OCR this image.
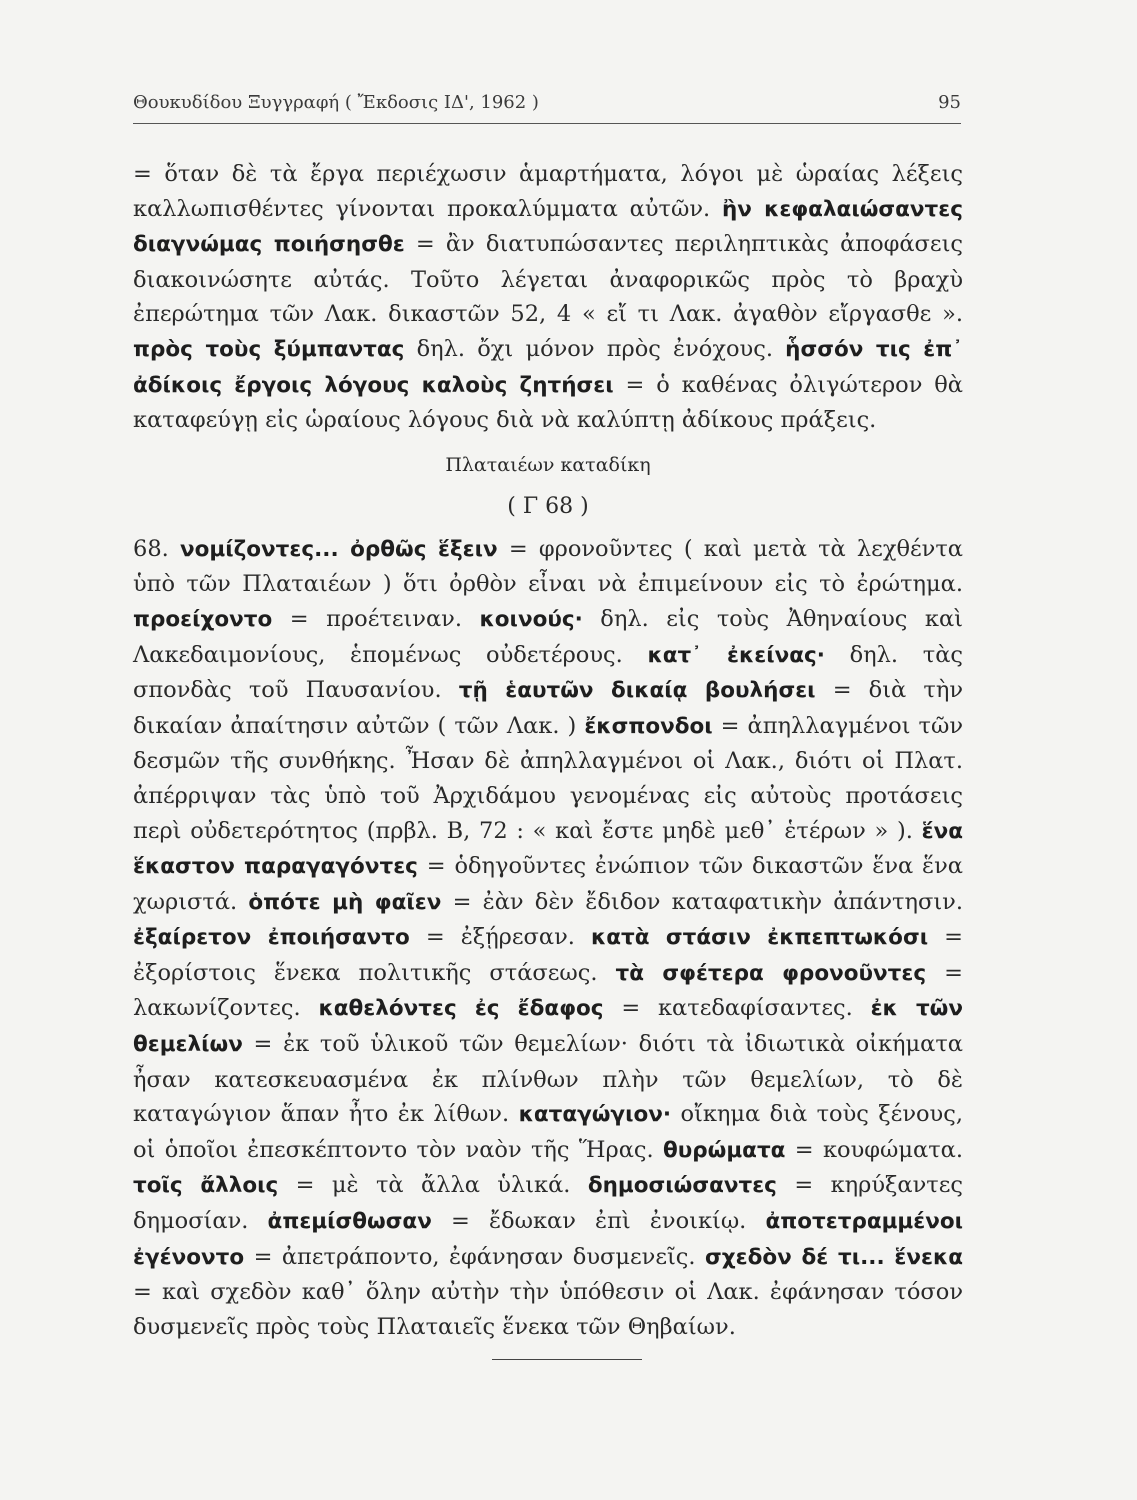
Θουκυδίδου Ξυγγραφή ( Ἔκδοσις ΙΔ', 1962 )	95

= ὅταν δὲ τὰ ἔργα περιέχωσιν ἁμαρτήματα, λόγοι μὲ ὡραίας λέξεις καλλωπισθέντες γίνονται προκαλύμματα αὐτῶν. ἢν κεφαλαιώσαντες διαγνώμας ποιήσησθε = ἂν διατυπώσαντες περιληπτικὰς ἀποφάσεις διακοινώσητε αὐτάς. Τοῦτο λέγεται ἀναφορικῶς πρὸς τὸ βραχὺ ἐπερώτημα τῶν Λακ. δικαστῶν 52, 4 « εἴ τι Λακ. ἀγαθὸν εἴργασθε ». πρὸς τοὺς ξύμπαντας δηλ. ὄχι μόνον πρὸς ἐνόχους. ἧσσόν τις ἐπ᾽ ἀδίκοις ἔργοις λόγους καλοὺς ζητήσει = ὁ καθένας ὀλιγώτερον θὰ καταφεύγῃ εἰς ὡραίους λόγους διὰ νὰ καλύπτῃ ἀδίκους πράξεις.

Πλαταιέων καταδίκη
( Γ 68 )

68. νομίζοντες... ὀρθῶς ἕξειν = φρονοῦντες ( καὶ μετὰ τὰ λεχθέντα ὑπὸ τῶν Πλαταιέων ) ὅτι ὀρθὸν εἶναι νὰ ἐπιμείνουν εἰς τὸ ἐρώτημα. προείχοντο = προέτειναν. κοινούς· δηλ. εἰς τοὺς Ἀθηναίους καὶ Λακεδαιμονίους, ἑπομένως οὐδετέρους. κατ᾽ ἐκείνας· δηλ. τὰς σπονδὰς τοῦ Παυσανίου. τῇ ἑαυτῶν δικαίᾳ βουλήσει = διὰ τὴν δικαίαν ἀπαίτησιν αὐτῶν ( τῶν Λακ. ) ἔκσπονδοι = ἀπηλλαγμένοι τῶν δεσμῶν τῆς συνθήκης. Ἦσαν δὲ ἀπηλλαγμένοι οἱ Λακ., διότι οἱ Πλατ. ἀπέρριψαν τὰς ὑπὸ τοῦ Ἀρχιδάμου γενομένας εἰς αὐτοὺς προτάσεις περὶ οὐδετερότητος (πρβλ. Β, 72 : « καὶ ἔστε μηδὲ μεθ᾽ ἑτέρων » ). ἕνα ἕκαστον παραγαγόντες = ὁδηγοῦντες ἐνώπιον τῶν δικαστῶν ἕνα ἕνα χωριστά. ὁπότε μὴ φαῖεν = ἐὰν δὲν ἔδιδον καταφατικὴν ἀπάντησιν. ἐξαίρετον ἐποιήσαντο = ἐξῄρεσαν. κατὰ στάσιν ἐκπεπτωκόσι = ἐξορίστοις ἕνεκα πολιτικῆς στάσεως. τὰ σφέτερα φρονοῦντες = λακωνίζοντες. καθελόντες ἐς ἔδαφος = κατεδαφίσαντες. ἐκ τῶν θεμελίων = ἐκ τοῦ ὑλικοῦ τῶν θεμελίων· διότι τὰ ἰδιωτικὰ οἰκήματα ἦσαν κατεσκευασμένα ἐκ πλίνθων πλὴν τῶν θεμελίων, τὸ δὲ καταγώγιον ἅπαν ἦτο ἐκ λίθων. καταγώγιον· οἴκημα διὰ τοὺς ξένους, οἱ ὁποῖοι ἐπεσκέπτοντο τὸν ναὸν τῆς Ἥρας. θυρώματα = κουφώματα. τοῖς ἄλλοις = μὲ τὰ ἄλλα ὑλικά. δημοσιώσαντες = κηρύξαντες δημοσίαν. ἀπεμίσθωσαν = ἔδωκαν ἐπὶ ἐνοικίῳ. ἀποτετραμμένοι ἐγένοντο = ἀπετράποντο, ἐφάνησαν δυσμενεῖς. σχεδὸν δέ τι... ἕνεκα = καὶ σχεδὸν καθ᾽ ὅλην αὐτὴν τὴν ὑπόθεσιν οἱ Λακ. ἐφάνησαν τόσον δυσμενεῖς πρὸς τοὺς Πλαταιεῖς ἕνεκα τῶν Θηβαίων.
